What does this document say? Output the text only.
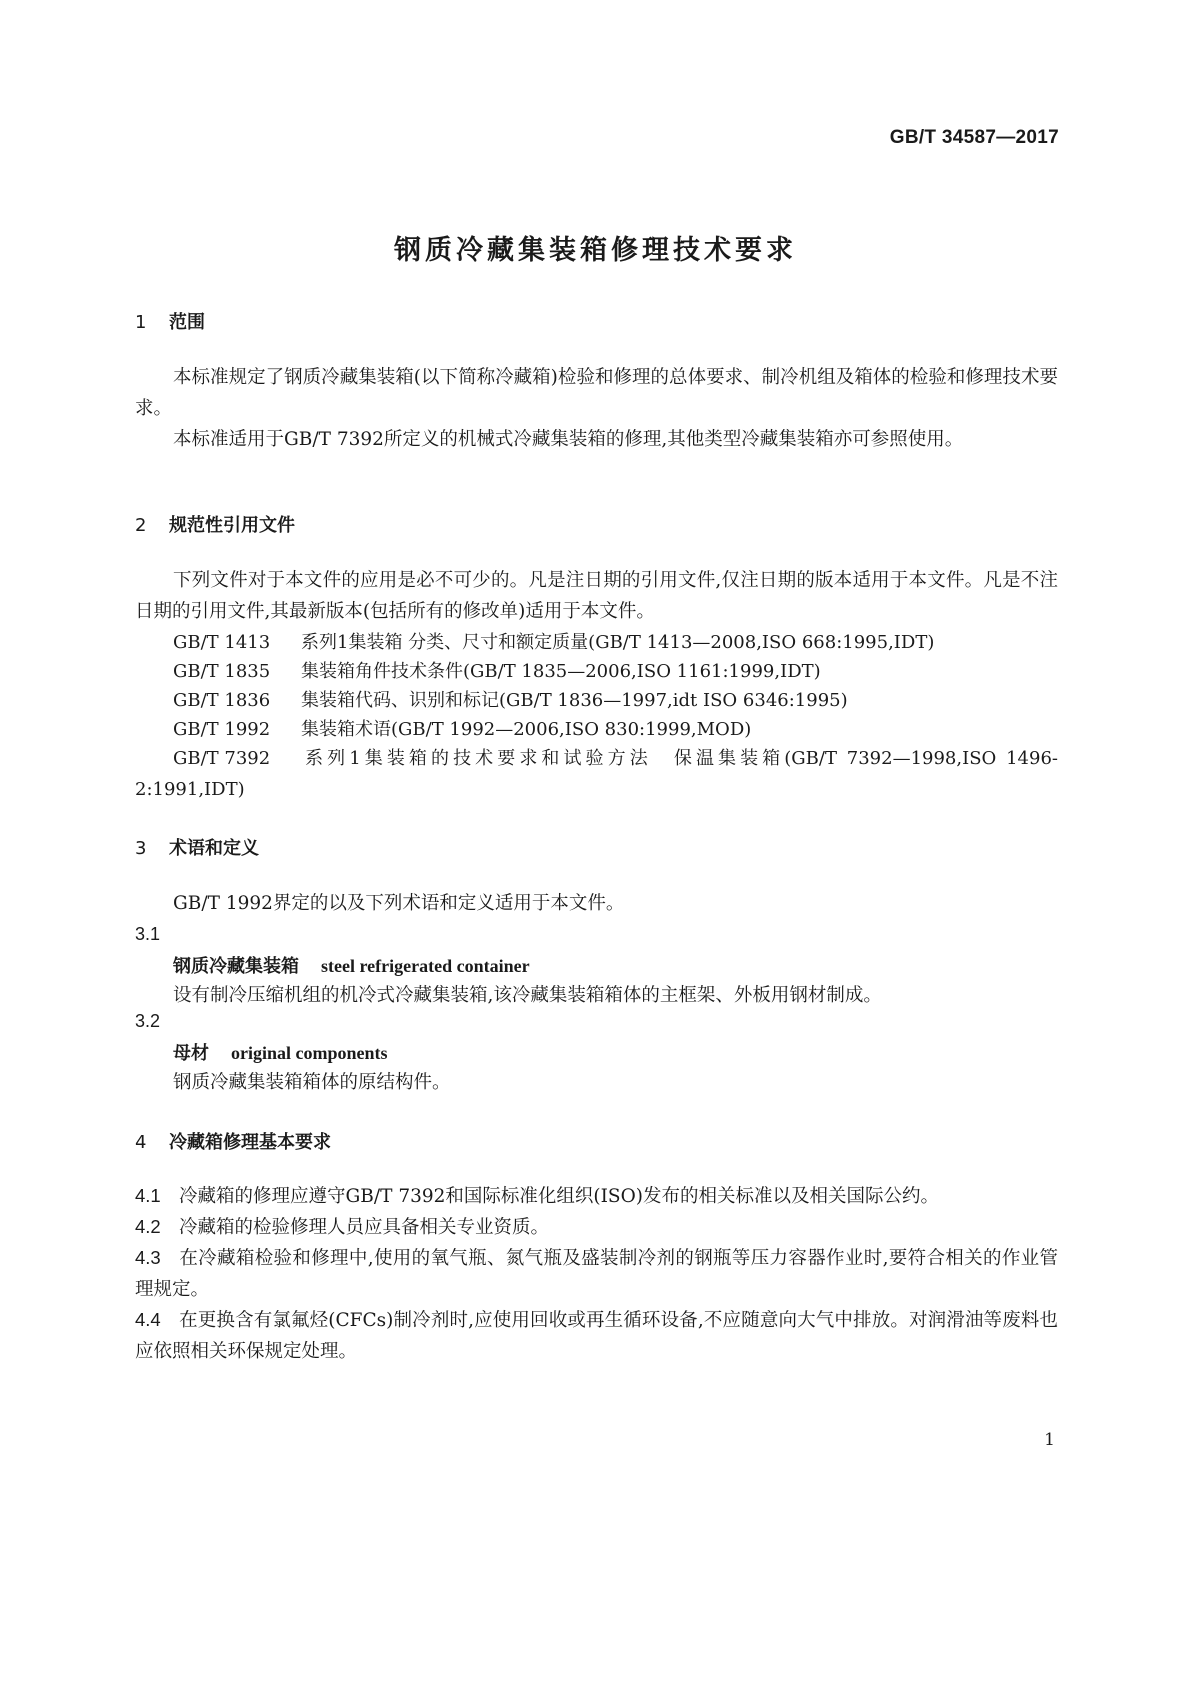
GB/T 34587—2017
钢质冷藏集装箱修理技术要求
1 范围

本标准规定了钢质冷藏集装箱(以下简称冷藏箱)检验和修理的总体要求、制冷机组及箱体的检验和修理技术要求。

本标准适用于GB/T 7392所定义的机械式冷藏集装箱的修理,其他类型冷藏集装箱亦可参照使用。

2 规范性引用文件

下列文件对于本文件的应用是必不可少的。凡是注日期的引用文件,仅注日期的版本适用于本文件。凡是不注日期的引用文件,其最新版本(包括所有的修改单)适用于本文件。

GB/T 1413 系列1集装箱 分类、尺寸和额定质量(GB/T 1413—2008,ISO 668:1995,IDT)

GB/T 1835 集装箱角件技术条件(GB/T 1835—2006,ISO 1161:1999,IDT)

GB/T 1836 集装箱代码、识别和标记(GB/T 1836—1997,idt ISO 6346:1995)

GB/T 1992 集装箱术语(GB/T 1992—2006,ISO 830:1999,MOD)

GB/T 7392 系列1集装箱的技术要求和试验方法　保温集装箱(GB/T 7392—1998,ISO 1496-2:1991,IDT)

3 术语和定义

GB/T 1992界定的以及下列术语和定义适用于本文件。

3.1
钢质冷藏集装箱 steel refrigerated container
设有制冷压缩机组的机冷式冷藏集装箱,该冷藏集装箱箱体的主框架、外板用钢材制成。
3.2
母材 original components
钢质冷藏集装箱箱体的原结构件。
4 冷藏箱修理基本要求

4.1 冷藏箱的修理应遵守GB/T 7392和国际标准化组织(ISO)发布的相关标准以及相关国际公约。

4.2 冷藏箱的检验修理人员应具备相关专业资质。

4.3 在冷藏箱检验和修理中,使用的氧气瓶、氮气瓶及盛装制冷剂的钢瓶等压力容器作业时,要符合相关的作业管理规定。

4.4 在更换含有氯氟烃(CFCs)制冷剂时,应使用回收或再生循环设备,不应随意向大气中排放。对润滑油等废料也应依照相关环保规定处理。

1
